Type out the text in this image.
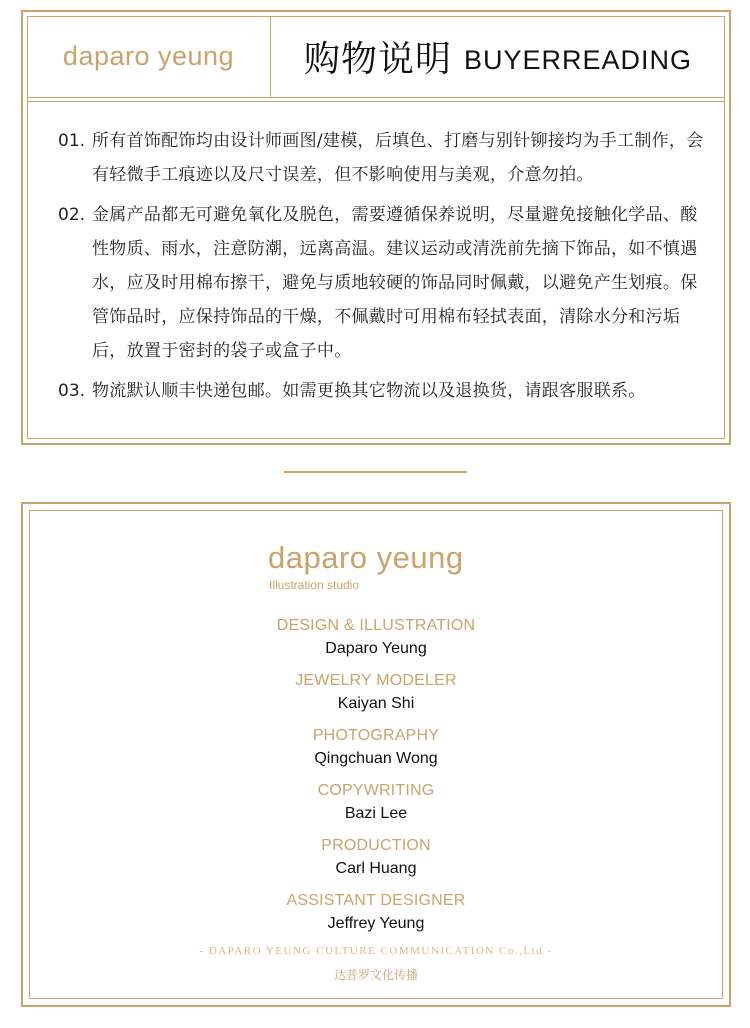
daparo yeung	购物说明 BUYERREADING
01. 所有首饰配饰均由设计师画图/建模，后填色、打磨与别针铆接均为手工制作，会有轻微手工痕迹以及尺寸误差，但不影响使用与美观，介意勿拍。
02. 金属产品都无可避免氧化及脱色，需要遵循保养说明，尽量避免接触化学品、酸性物质、雨水，注意防潮，远离高温。建议运动或清洗前先摘下饰品，如不慎遇水，应及时用棉布擦干，避免与质地较硬的饰品同时佩戴，以避免产生划痕。保管饰品时，应保持饰品的干燥，不佩戴时可用棉布轻拭表面，清除水分和污垢后，放置于密封的袋子或盒子中。
03. 物流默认顺丰快递包邮。如需更换其它物流以及退换货，请跟客服联系。
daparo yeung
Illustration studio
DESIGN & ILLUSTRATION
Daparo Yeung
JEWELRY MODELER
Kaiyan Shi
PHOTOGRAPHY
Qingchuan Wong
COPYWRITING
Bazi Lee
PRODUCTION
Carl Huang
ASSISTANT DESIGNER
Jeffrey Yeung
- DAPARO YEUNG CULTURE COMMUNICATION Co.,Ltd -
达普罗文化传播
